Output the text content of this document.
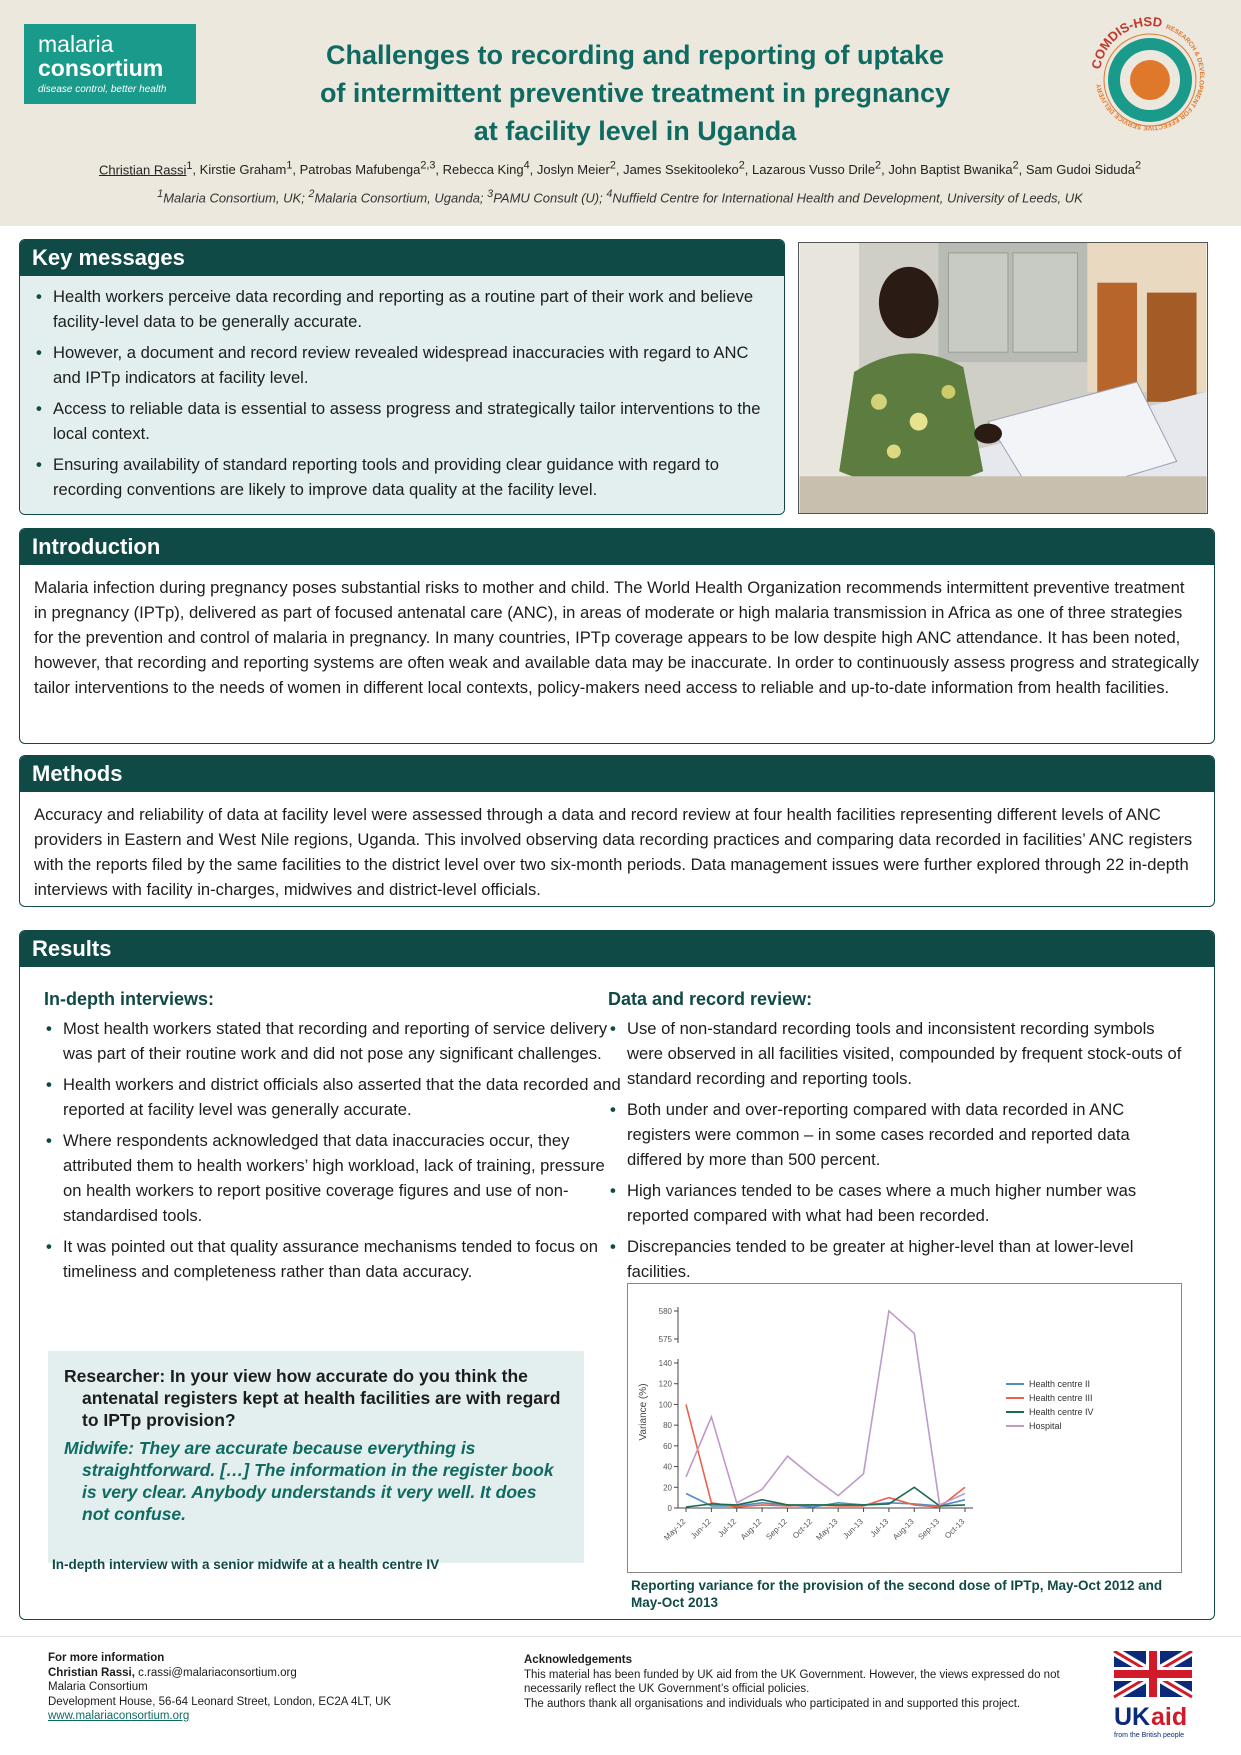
malaria
consortium
disease control, better health
Challenges to recording and reporting of uptake
of intermittent preventive treatment in pregnancy
at facility level in Uganda
COMDIS-HSD RESEARCH & DEVELOPMENT FOR EFFECTIVE SERVICE DELIVERY
Christian Rassi$^1$, Kirstie Graham$^1$, Patrobas Mafubenga$^{2,3}$, Rebecca King$^4$, Joslyn Meier$^2$, James Ssekitooleko$^2$, Lazarous Vusso Drile$^2$, John Baptist Bwanika$^2$, Sam Gudoi Siduda$^2$
$^1$Malaria Consortium, UK; $^2$Malaria Consortium, Uganda; $^3$PAMU Consult (U); $^4$Nuffield Centre for International Health and Development, University of Leeds, UK
Key messages
• Health workers perceive data recording and reporting as a routine part of their work and believe facility-level data to be generally accurate.
• However, a document and record review revealed widespread inaccuracies with regard to ANC and IPTp indicators at facility level.
• Access to reliable data is essential to assess progress and strategically tailor interventions to the local context.
• Ensuring availability of standard reporting tools and providing clear guidance with regard to recording conventions are likely to improve data quality at the facility level.
Introduction
Malaria infection during pregnancy poses substantial risks to mother and child. The World Health Organization recommends intermittent preventive treatment in pregnancy (IPTp), delivered as part of focused antenatal care (ANC), in areas of moderate or high malaria transmission in Africa as one of three strategies for the prevention and control of malaria in pregnancy. In many countries, IPTp coverage appears to be low despite high ANC attendance. It has been noted, however, that recording and reporting systems are often weak and available data may be inaccurate. In order to continuously assess progress and strategically tailor interventions to the needs of women in different local contexts, policy-makers need access to reliable and up-to-date information from health facilities.
Methods
Accuracy and reliability of data at facility level were assessed through a data and record review at four health facilities representing different levels of ANC providers in Eastern and West Nile regions, Uganda. This involved observing data recording practices and comparing data recorded in facilities’ ANC registers with the reports filed by the same facilities to the district level over two six-month periods. Data management issues were further explored through 22 in-depth interviews with facility in-charges, midwives and district-level officials.
Results
In-depth interviews:
• Most health workers stated that recording and reporting of service delivery was part of their routine work and did not pose any significant challenges.
• Health workers and district officials also asserted that the data recorded and reported at facility level was generally accurate.
• Where respondents acknowledged that data inaccuracies occur, they attributed them to health workers’ high workload, lack of training, pressure on health workers to report positive coverage figures and use of non-standardised tools.
• It was pointed out that quality assurance mechanisms tended to focus on timeliness and completeness rather than data accuracy.
Data and record review:
• Use of non-standard recording tools and inconsistent recording symbols were observed in all facilities visited, compounded by frequent stock-outs of standard recording and reporting tools.
• Both under and over-reporting compared with data recorded in ANC registers were common – in some cases recorded and reported data differed by more than 500 percent.
• High variances tended to be cases where a much higher number was reported compared with what had been recorded.
• Discrepancies tended to be greater at higher-level than at lower-level facilities.
Researcher: In your view how accurate do you think the antenatal registers kept at health facilities are with regard to IPTp provision?
Midwife: They are accurate because everything is straightforward. […] The information in the register book is very clear. Anybody understands it very well. It does not confuse.
In-depth interview with a senior midwife at a health centre IV
0
20
40
60
80
100
120
140
575
580
Variance (%)
May-12 Jun-12 Jul-12 Aug-12 Sep-12 Oct-12 May-13 Jun-13 Jul-13 Aug-13 Sep-13 Oct-13
Health centre II
Health centre III
Health centre IV
Hospital
Reporting variance for the provision of the second dose of IPTp, May-Oct 2012 and May-Oct 2013
For more information
Christian Rassi, c.rassi@malariaconsortium.org
Malaria Consortium
Development House, 56-64 Leonard Street, London, EC2A 4LT, UK
www.malariaconsortium.org
Acknowledgements
This material has been funded by UK aid from the UK Government. However, the views expressed do not necessarily reflect the UK Government’s official policies.
The authors thank all organisations and individuals who participated in and supported this project.	UK aid
from the British people
